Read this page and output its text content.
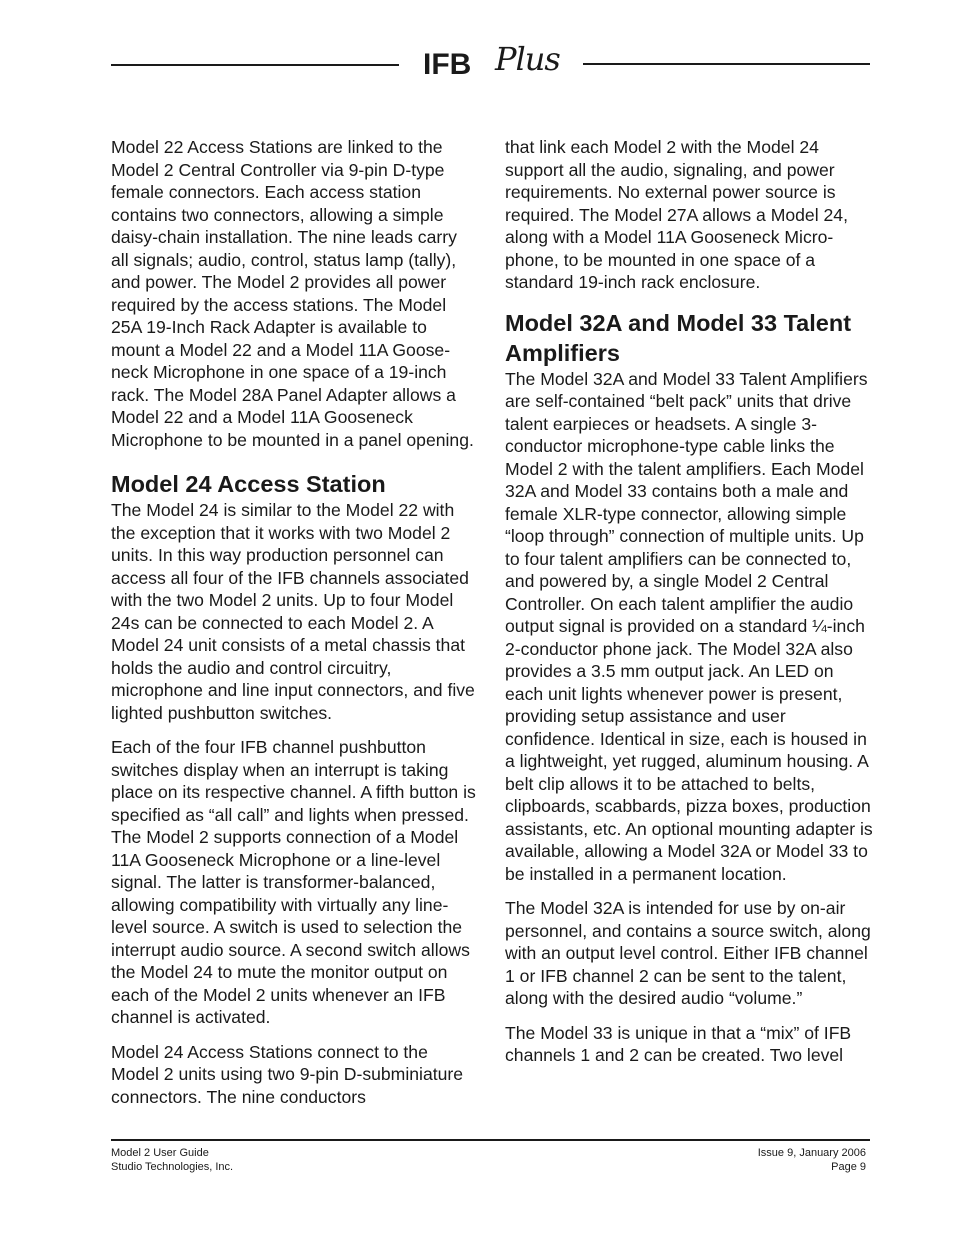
IFB Plus

Model 22 Access Stations are linked to the Model 2 Central Controller via 9-pin D-type female connectors. Each access station contains two connectors, allowing a simple daisy-chain installation. The nine leads carry all signals; audio, control, status lamp (tally), and power. The Model 2 provides all power required by the access stations. The Model 25A 19-Inch Rack Adapter is available to mount a Model 22 and a Model 11A Gooseneck Microphone in one space of a 19-inch rack. The Model 28A Panel Adapter allows a Model 22 and a Model 11A Gooseneck Microphone to be mounted in a panel opening.

Model 24 Access Station

The Model 24 is similar to the Model 22 with the exception that it works with two Model 2 units. In this way production personnel can access all four of the IFB channels associated with the two Model 2 units. Up to four Model 24s can be connected to each Model 2. A Model 24 unit consists of a metal chassis that holds the audio and control circuitry, microphone and line input connectors, and five lighted pushbutton switches.

Each of the four IFB channel pushbutton switches display when an interrupt is taking place on its respective channel. A fifth button is specified as “all call” and lights when pressed. The Model 2 supports connection of a Model 11A Gooseneck Microphone or a line-level signal. The latter is transformer-balanced, allowing compatibility with virtually any line-level source. A switch is used to selection the interrupt audio source. A second switch allows the Model 24 to mute the monitor output on each of the Model 2 units whenever an IFB channel is activated.

Model 24 Access Stations connect to the Model 2 units using two 9-pin D-subminiature connectors. The nine conductors

that link each Model 2 with the Model 24 support all the audio, signaling, and power requirements. No external power source is required. The Model 27A allows a Model 24, along with a Model 11A Gooseneck Microphone, to be mounted in one space of a standard 19-inch rack enclosure.

Model 32A and Model 33 Talent Amplifiers

The Model 32A and Model 33 Talent Amplifiers are self-contained “belt pack” units that drive talent earpieces or headsets. A single 3-conductor microphone-type cable links the Model 2 with the talent amplifiers. Each Model 32A and Model 33 contains both a male and female XLR-type connector, allowing simple “loop through” connection of multiple units. Up to four talent amplifiers can be connected to, and powered by, a single Model 2 Central Controller. On each talent amplifier the audio output signal is provided on a standard ¼-inch 2-conductor phone jack. The Model 32A also provides a 3.5 mm output jack. An LED on each unit lights whenever power is present, providing setup assistance and user confidence. Identical in size, each is housed in a lightweight, yet rugged, aluminum housing. A belt clip allows it to be attached to belts, clipboards, scabbards, pizza boxes, production assistants, etc. An optional mounting adapter is available, allowing a Model 32A or Model 33 to be installed in a permanent location.

The Model 32A is intended for use by on-air personnel, and contains a source switch, along with an output level control. Either IFB channel 1 or IFB channel 2 can be sent to the talent, along with the desired audio “volume.”

The Model 33 is unique in that a “mix” of IFB channels 1 and 2 can be created. Two level

Model 2 User Guide
Studio Technologies, Inc.
Issue 9, January 2006
Page 9
